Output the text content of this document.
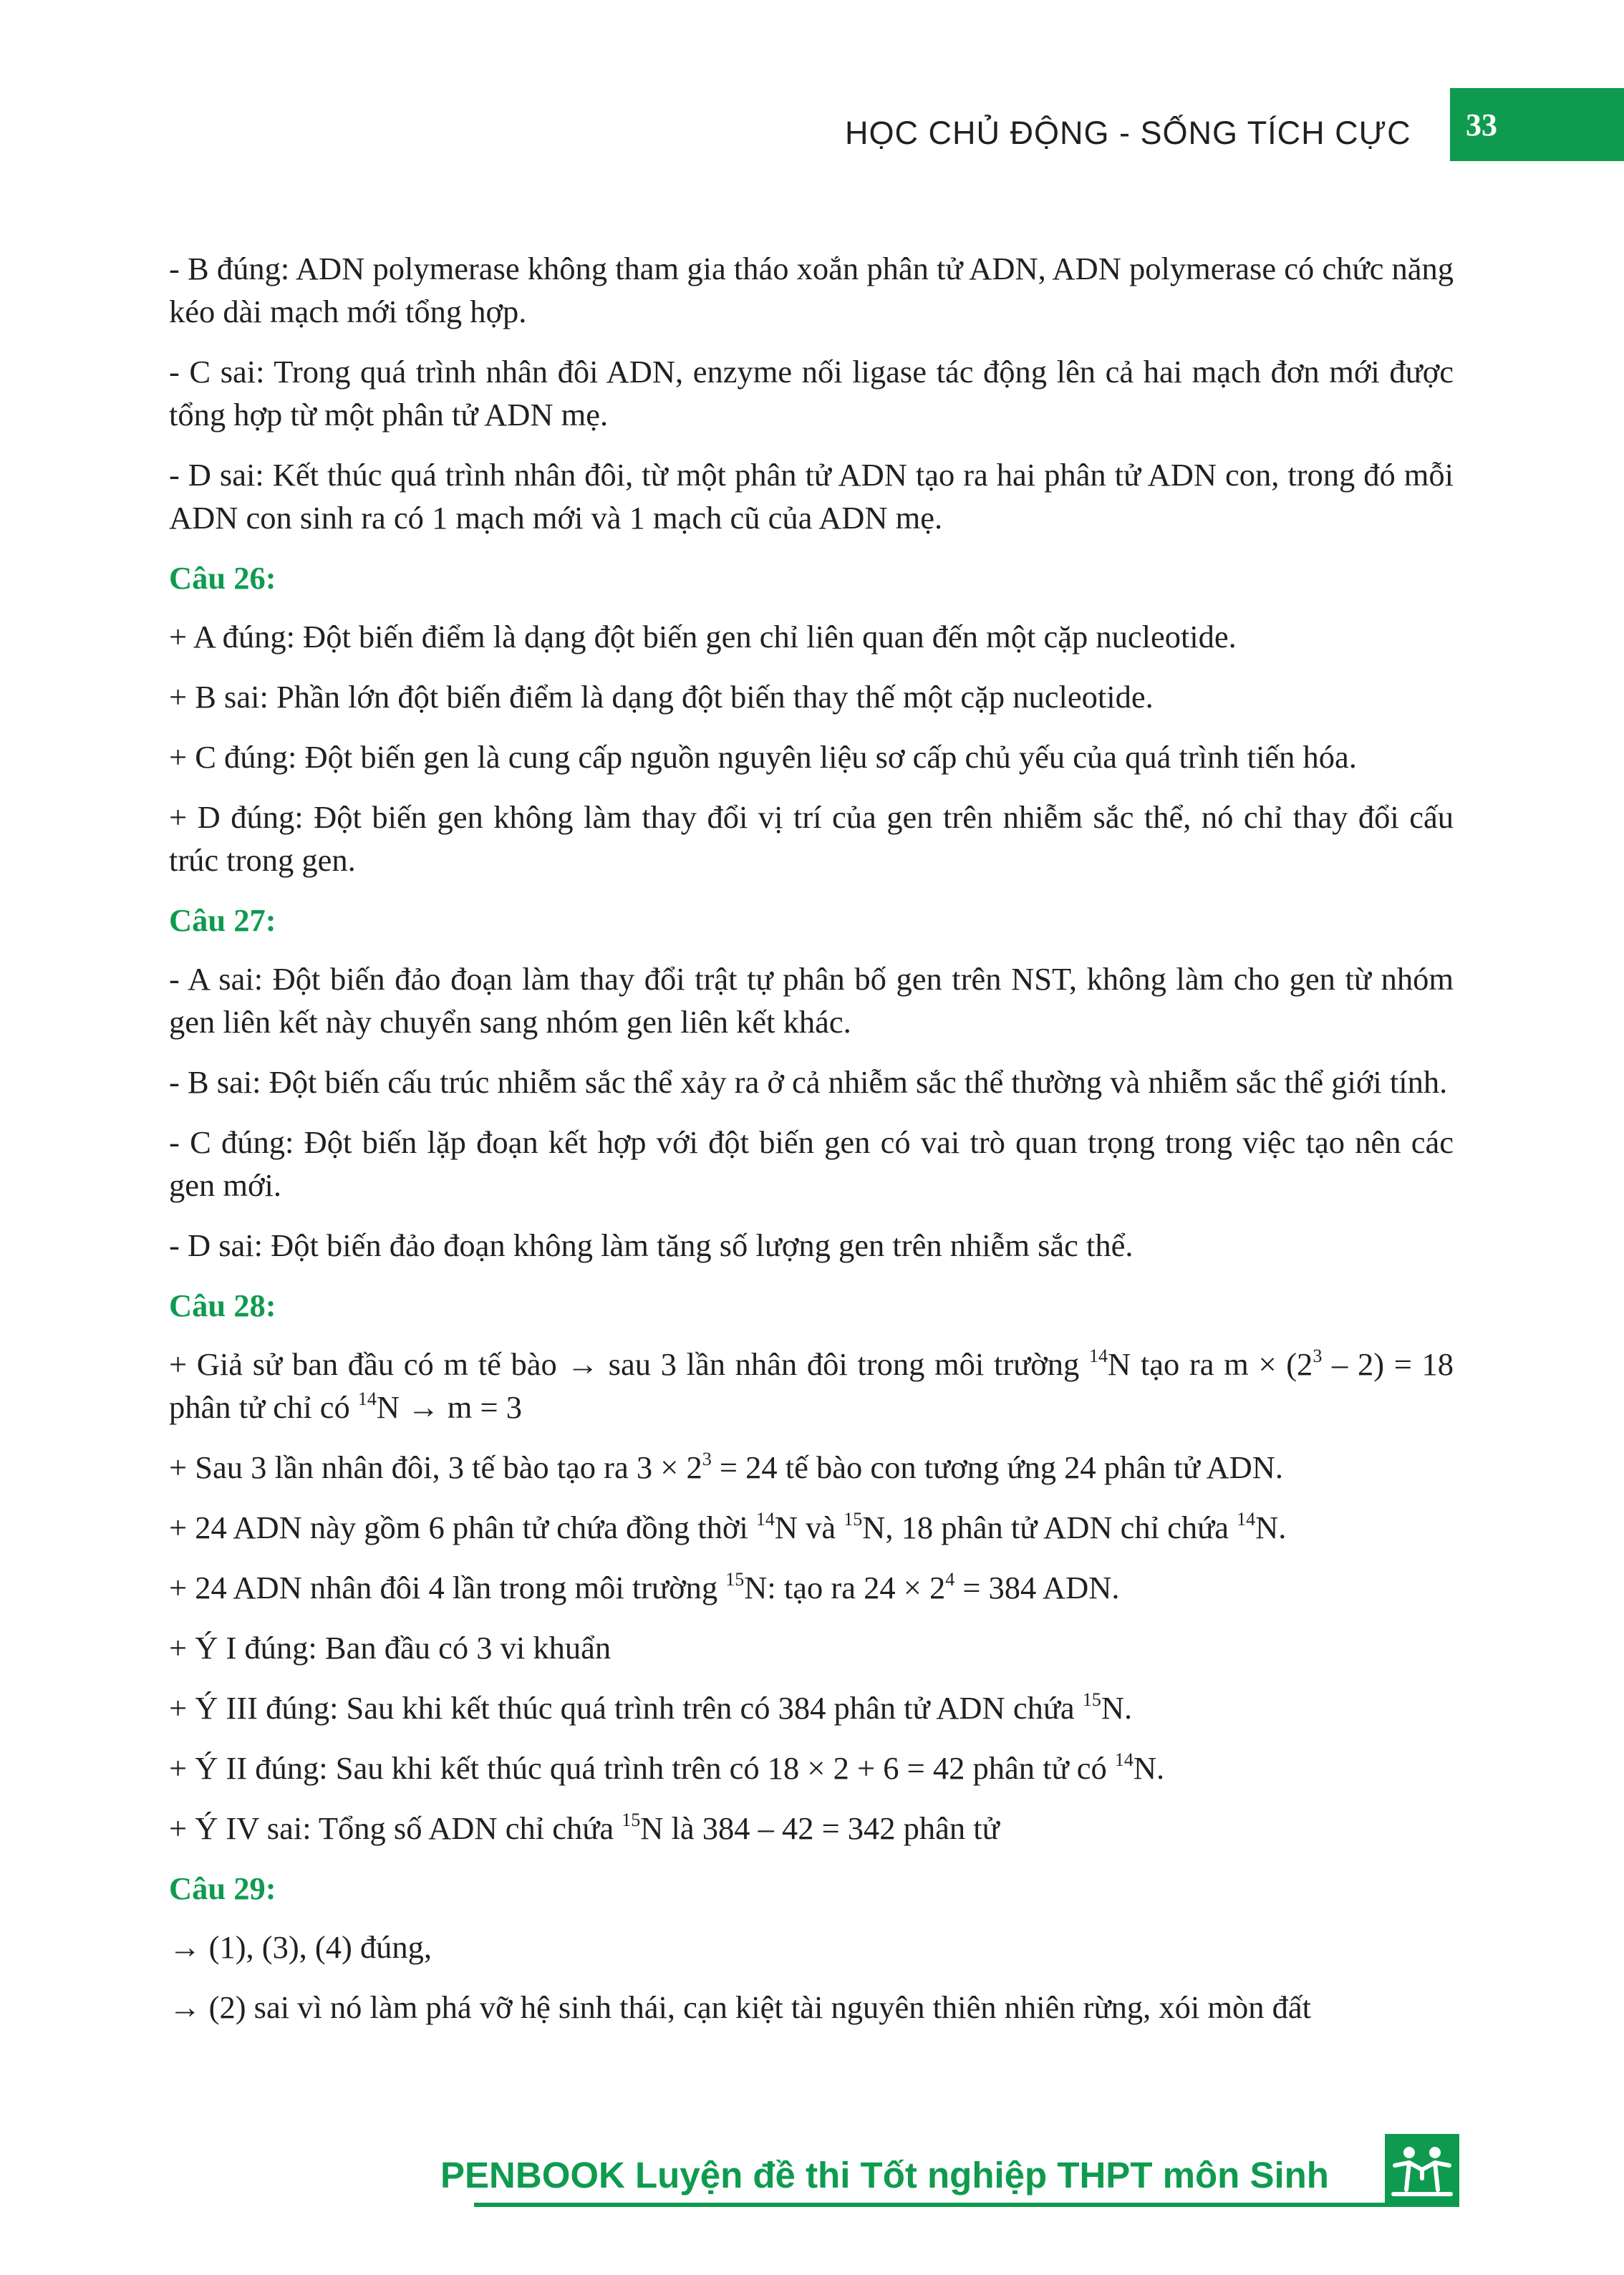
HỌC CHỦ ĐỘNG - SỐNG TÍCH CỰC 33

- B đúng: ADN polymerase không tham gia tháo xoắn phân tử ADN, ADN polymerase có chức năng kéo dài mạch mới tổng hợp.

- C sai: Trong quá trình nhân đôi ADN, enzyme nối ligase tác động lên cả hai mạch đơn mới được tổng hợp từ một phân tử ADN mẹ.

- D sai: Kết thúc quá trình nhân đôi, từ một phân tử ADN tạo ra hai phân tử ADN con, trong đó mỗi ADN con sinh ra có 1 mạch mới và 1 mạch cũ của ADN mẹ.

Câu 26:

+ A đúng: Đột biến điểm là dạng đột biến gen chỉ liên quan đến một cặp nucleotide.

+ B sai: Phần lớn đột biến điểm là dạng đột biến thay thế một cặp nucleotide.

+ C đúng: Đột biến gen là cung cấp nguồn nguyên liệu sơ cấp chủ yếu của quá trình tiến hóa.

+ D đúng: Đột biến gen không làm thay đổi vị trí của gen trên nhiễm sắc thể, nó chỉ thay đổi cấu trúc trong gen.

Câu 27:

- A sai: Đột biến đảo đoạn làm thay đổi trật tự phân bố gen trên NST, không làm cho gen từ nhóm gen liên kết này chuyển sang nhóm gen liên kết khác.

- B sai: Đột biến cấu trúc nhiễm sắc thể xảy ra ở cả nhiễm sắc thể thường và nhiễm sắc thể giới tính.

- C đúng: Đột biến lặp đoạn kết hợp với đột biến gen có vai trò quan trọng trong việc tạo nên các gen mới.

- D sai: Đột biến đảo đoạn không làm tăng số lượng gen trên nhiễm sắc thể.

Câu 28:

+ Giả sử ban đầu có m tế bào → sau 3 lần nhân đôi trong môi trường $^{14}$N tạo ra $m \times (2^3 - 2) = 18$ phân tử chỉ có $^{14}$N → m = 3

+ Sau 3 lần nhân đôi, 3 tế bào tạo ra $3 \times 2^3 = 24$ tế bào con tương ứng 24 phân tử ADN.

+ 24 ADN này gồm 6 phân tử chứa đồng thời $^{14}$N và $^{15}$N, 18 phân tử ADN chỉ chứa $^{14}$N.

+ 24 ADN nhân đôi 4 lần trong môi trường $^{15}$N: tạo ra $24 \times 2^4 = 384$ ADN.

+ Ý I đúng: Ban đầu có 3 vi khuẩn

+ Ý III đúng: Sau khi kết thúc quá trình trên có 384 phân tử ADN chứa $^{15}$N.

+ Ý II đúng: Sau khi kết thúc quá trình trên có 18 × 2 + 6 = 42 phân tử có $^{14}$N.

+ Ý IV sai: Tổng số ADN chỉ chứa $^{15}$N là 384 – 42 = 342 phân tử

Câu 29:

→ (1), (3), (4) đúng,

→ (2) sai vì nó làm phá vỡ hệ sinh thái, cạn kiệt tài nguyên thiên nhiên rừng, xói mòn đất

PENBOOK Luyện đề thi Tốt nghiệp THPT môn Sinh
